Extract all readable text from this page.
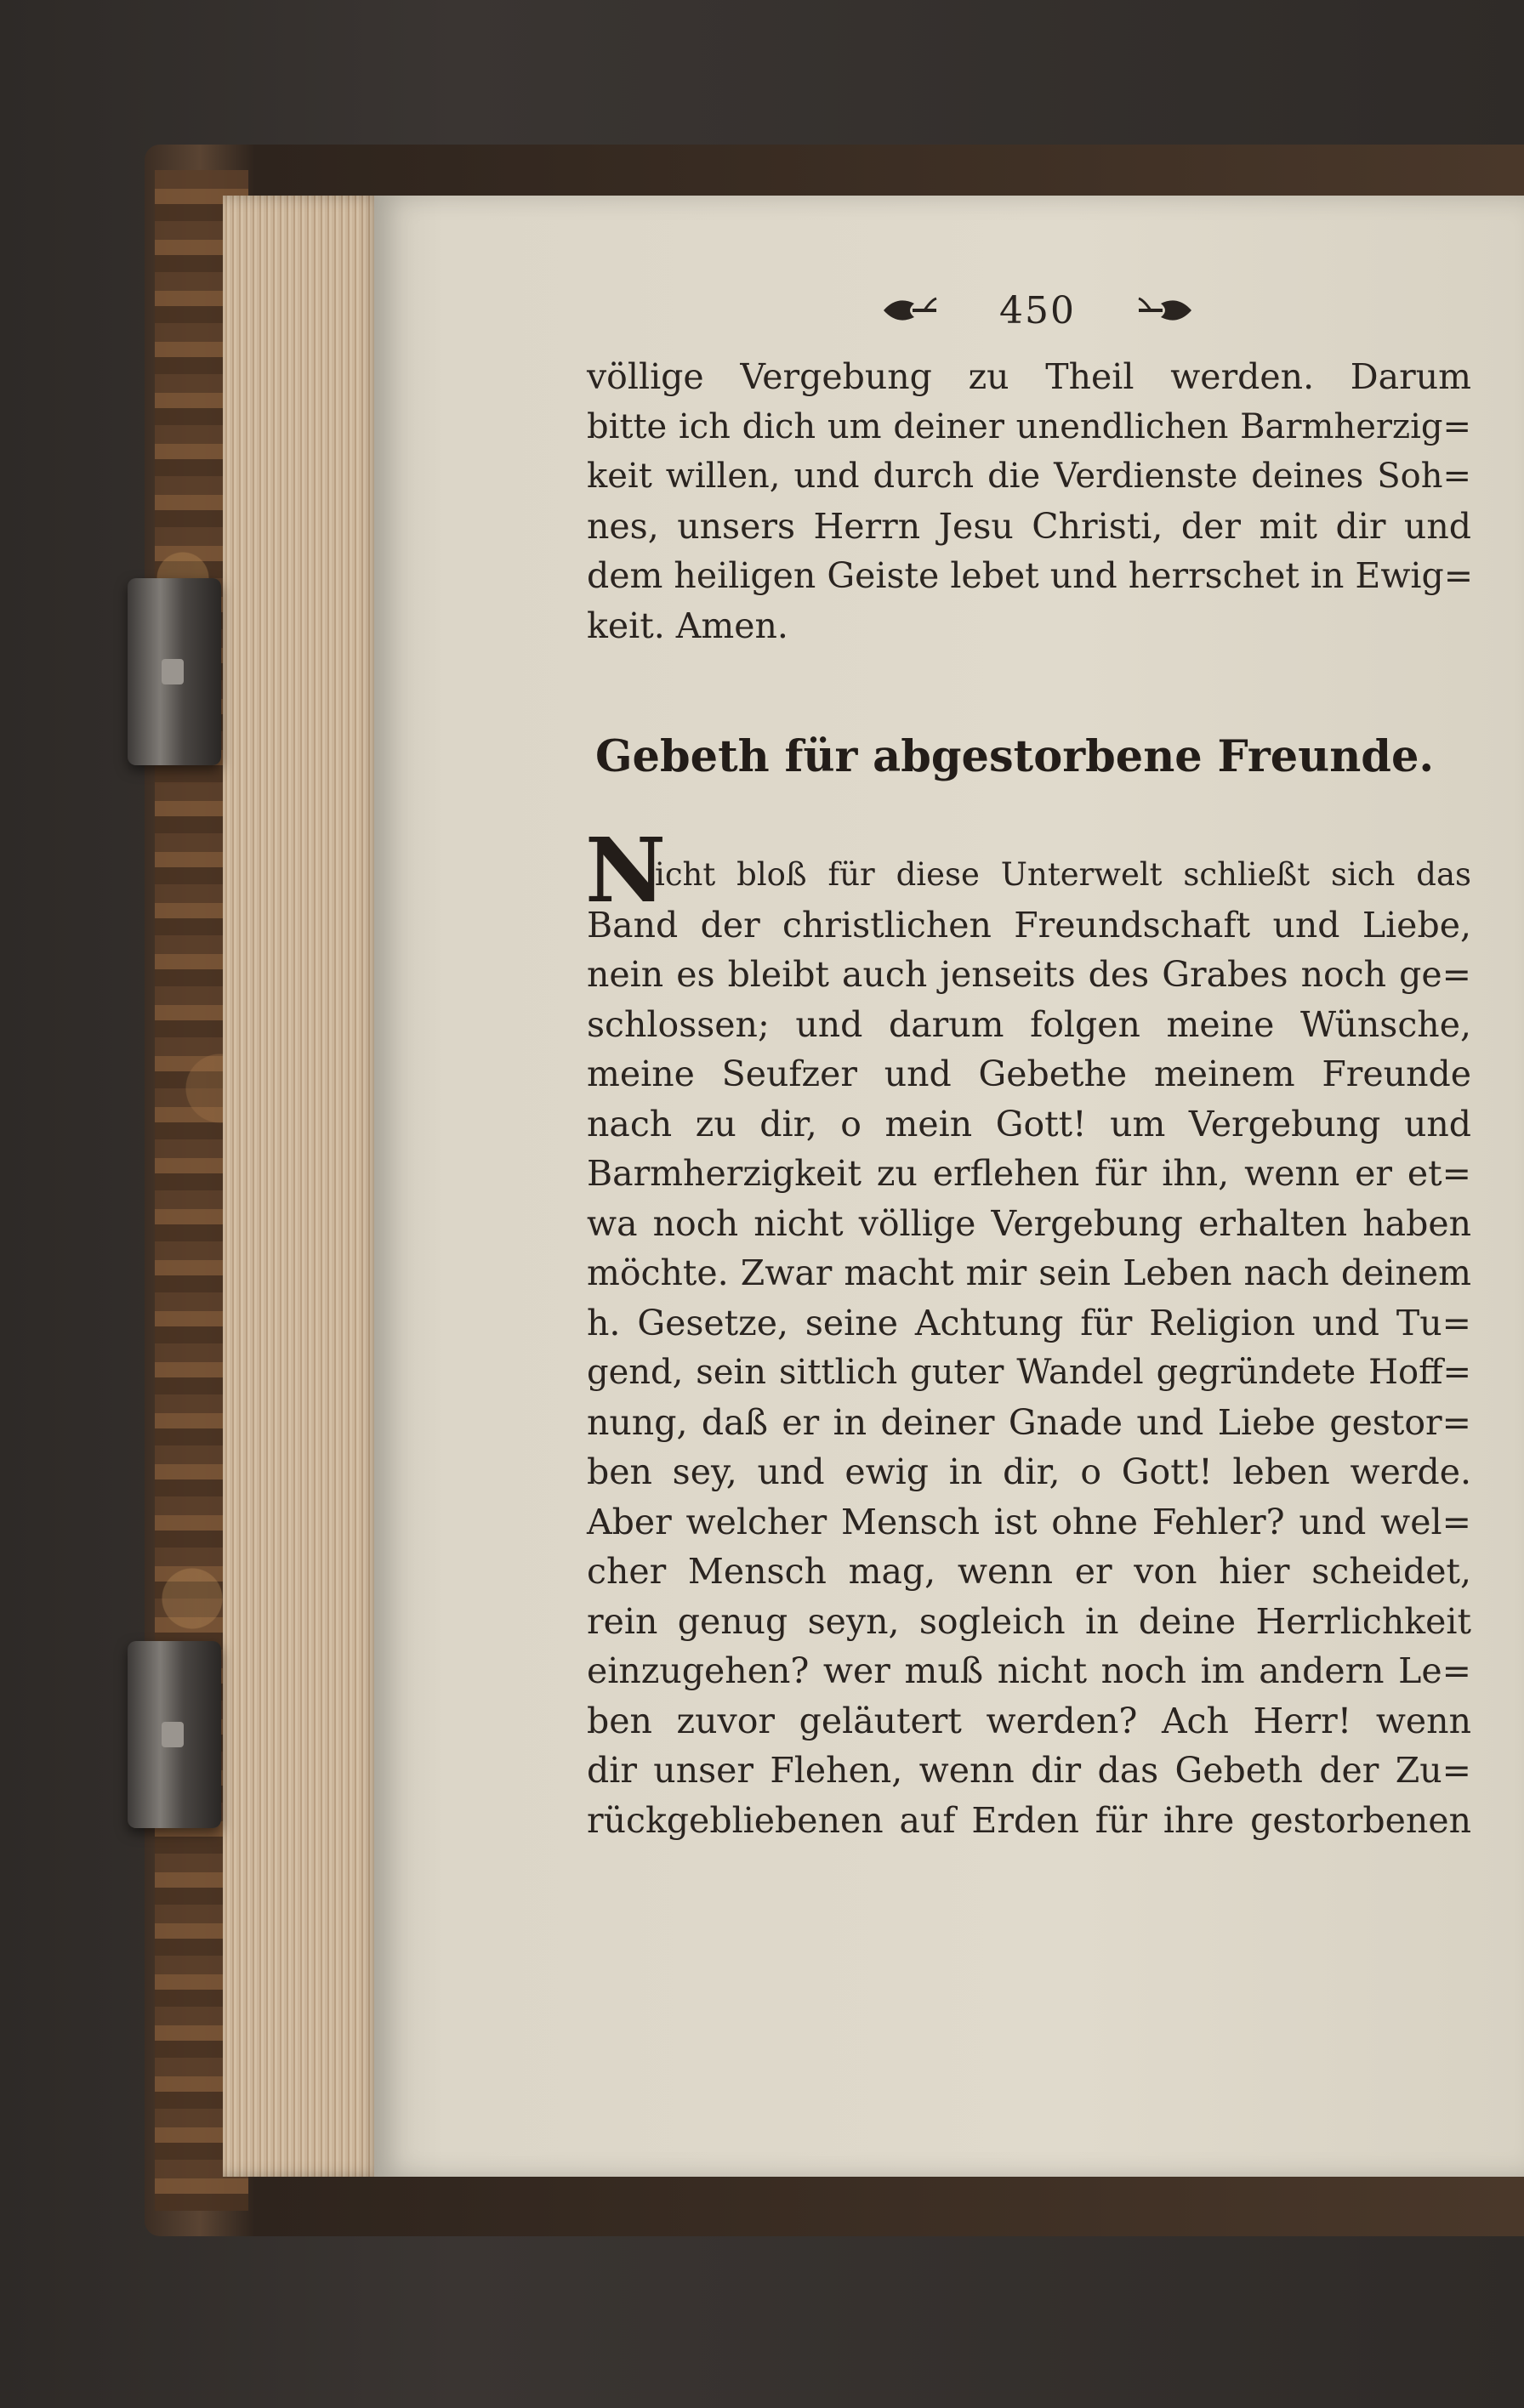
450
völlige Vergebung zu Theil werden. Darum
bitte ich dich um deiner unendlichen Barmherzig=
keit willen, und durch die Verdienste deines Soh=
nes, unsers Herrn Jesu Christi, der mit dir und
dem heiligen Geiste lebet und herrschet in Ewig=
keit. Amen.
Gebeth für abgestorbene Freunde.
N
icht bloß für diese Unterwelt schließt sich das
Band der christlichen Freundschaft und Liebe,
nein es bleibt auch jenseits des Grabes noch ge=
schlossen; und darum folgen meine Wünsche,
meine Seufzer und Gebethe meinem Freunde
nach zu dir, o mein Gott! um Vergebung und
Barmherzigkeit zu erflehen für ihn, wenn er et=
wa noch nicht völlige Vergebung erhalten haben
möchte. Zwar macht mir sein Leben nach deinem
h. Gesetze, seine Achtung für Religion und Tu=
gend, sein sittlich guter Wandel gegründete Hoff=
nung, daß er in deiner Gnade und Liebe gestor=
ben sey, und ewig in dir, o Gott! leben werde.
Aber welcher Mensch ist ohne Fehler? und wel=
cher Mensch mag, wenn er von hier scheidet,
rein genug seyn, sogleich in deine Herrlichkeit
einzugehen? wer muß nicht noch im andern Le=
ben zuvor geläutert werden? Ach Herr! wenn
dir unser Flehen, wenn dir das Gebeth der Zu=
rückgebliebenen auf Erden für ihre gestorbenen
